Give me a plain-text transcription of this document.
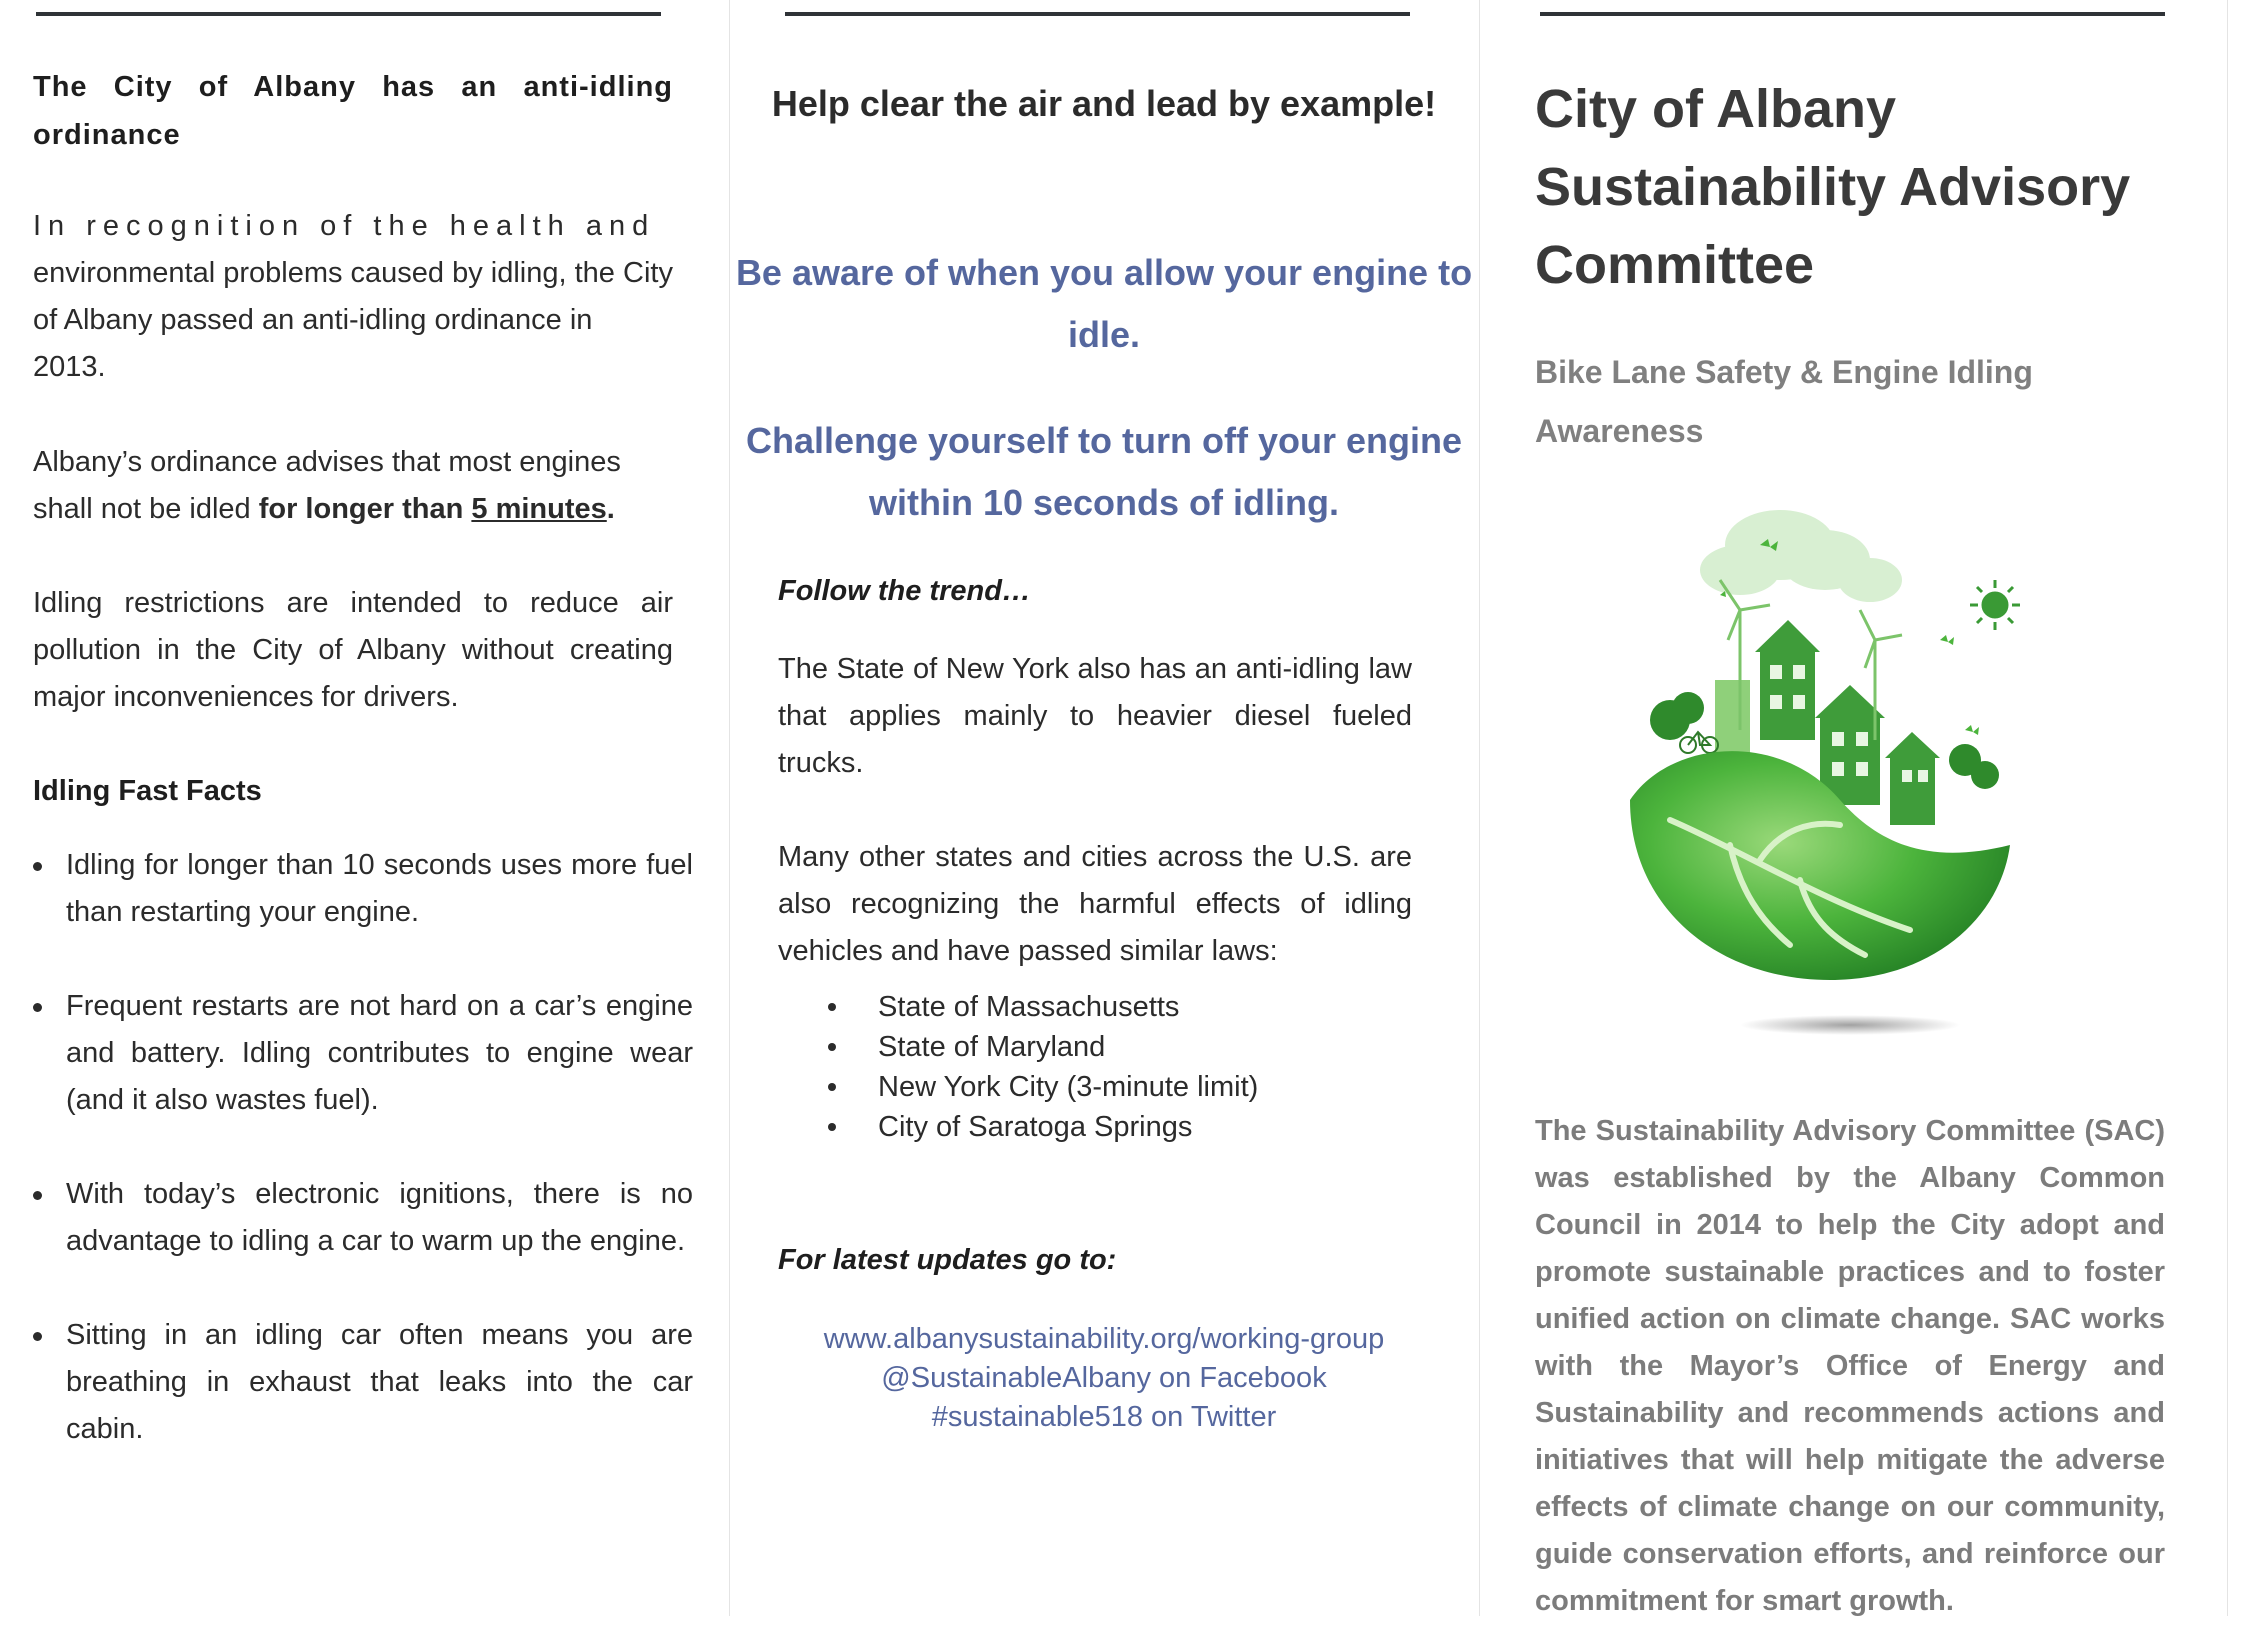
The City of Albany has an anti-idling ordinance

In recognition of the health and
environmental problems caused by idling, the City of Albany passed an anti-idling ordinance in 2013.

Albany’s ordinance advises that most engines shall not be idled for longer than 5 minutes.

Idling restrictions are intended to reduce air pollution in the City of Albany without creating major inconveniences for drivers.

Idling Fast Facts
Idling for longer than 10 seconds uses more fuel than restarting your engine.
Frequent restarts are not hard on a car’s engine and battery. Idling contributes to engine wear (and it also wastes fuel).
With today’s electronic ignitions, there is no advantage to idling a car to warm up the engine.
Sitting in an idling car often means you are breathing in exhaust that leaks into the car cabin.
Help clear the air and lead by example!

Be aware of when you allow your engine to idle.

Challenge yourself to turn off your engine within 10 seconds of idling.

Follow the trend…

The State of New York also has an anti-idling law that applies mainly to heavier diesel fueled trucks.

Many other states and cities across the U.S. are also recognizing the harmful effects of idling vehicles and have passed similar laws:

State of Massachusetts
State of Maryland
New York City (3-minute limit)
City of Saratoga Springs
For latest updates go to:
www.albanysustainability.org/working-group
@SustainableAlbany on Facebook
#sustainable518 on Twitter
City of Albany Sustainability Advisory Committee
Bike Lane Safety & Engine Idling Awareness

The Sustainability Advisory Committee (SAC) was established by the Albany Common Council in 2014 to help the City adopt and promote sustainable practices and to foster unified action on climate change. SAC works with the Mayor’s Office of Energy and Sustainability and recommends actions and initiatives that will help mitigate the adverse effects of climate change on our community, guide conservation efforts, and reinforce our commitment for smart growth.
